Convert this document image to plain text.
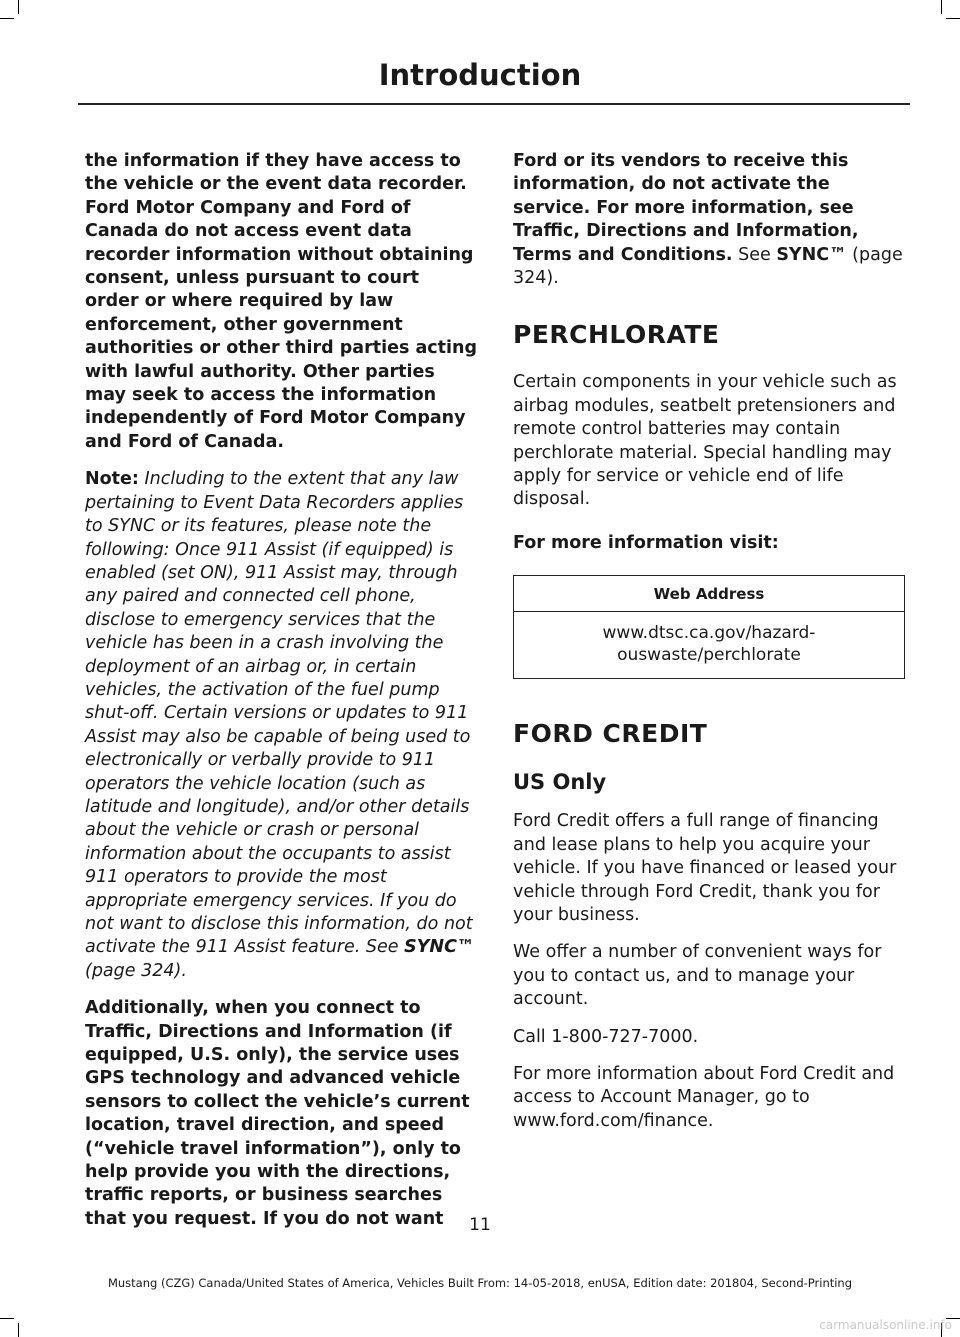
Introduction

the information if they have access to the vehicle or the event data recorder. Ford Motor Company and Ford of Canada do not access event data recorder information without obtaining consent, unless pursuant to court order or where required by law enforcement, other government authorities or other third parties acting with lawful authority. Other parties may seek to access the information independently of Ford Motor Company and Ford of Canada.

Note: Including to the extent that any law pertaining to Event Data Recorders applies to SYNC or its features, please note the following: Once 911 Assist (if equipped) is enabled (set ON), 911 Assist may, through any paired and connected cell phone, disclose to emergency services that the vehicle has been in a crash involving the deployment of an airbag or, in certain vehicles, the activation of the fuel pump shut-off. Certain versions or updates to 911 Assist may also be capable of being used to electronically or verbally provide to 911 operators the vehicle location (such as latitude and longitude), and/or other details about the vehicle or crash or personal information about the occupants to assist 911 operators to provide the most appropriate emergency services. If you do not want to disclose this information, do not activate the 911 Assist feature. See SYNC™ (page 324).

Additionally, when you connect to Traffic, Directions and Information (if equipped, U.S. only), the service uses GPS technology and advanced vehicle sensors to collect the vehicle’s current location, travel direction, and speed (“vehicle travel information”), only to help provide you with the directions, traffic reports, or business searches that you request. If you do not want

Ford or its vendors to receive this information, do not activate the service. For more information, see Traffic, Directions and Information, Terms and Conditions. See SYNC™ (page 324).

PERCHLORATE

Certain components in your vehicle such as airbag modules, seatbelt pretensioners and remote control batteries may contain perchlorate material. Special handling may apply for service or vehicle end of life disposal.

For more information visit:

Web Address

www.dtsc.ca.gov/hazard-
ouswaste/perchlorate
FORD CREDIT
US Only

Ford Credit offers a full range of financing and lease plans to help you acquire your vehicle. If you have financed or leased your vehicle through Ford Credit, thank you for your business.

We offer a number of convenient ways for you to contact us, and to manage your account.

Call 1-800-727-7000.

For more information about Ford Credit and access to Account Manager, go to www.ford.com/finance.

11
Mustang (CZG) Canada/United States of America, Vehicles Built From: 14-05-2018, enUSA, Edition date: 201804, Second-Printing
carmanualsonline.info
